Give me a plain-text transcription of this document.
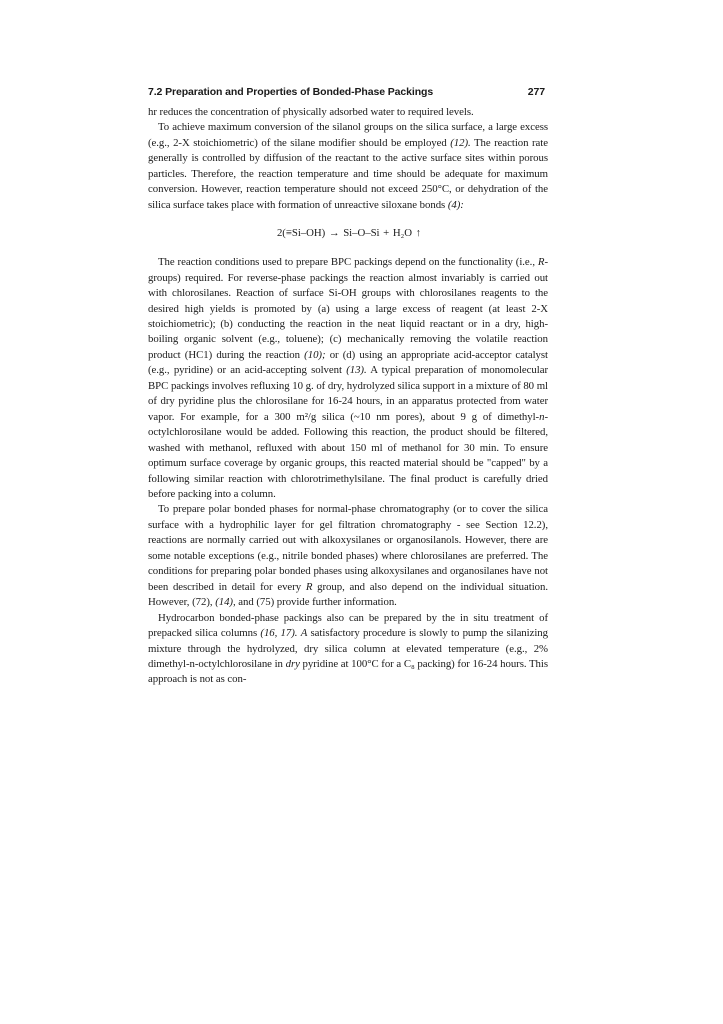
7.2 Preparation and Properties of Bonded-Phase Packings	277

hr reduces the concentration of physically adsorbed water to required levels.

To achieve maximum conversion of the silanol groups on the silica surface, a large excess (e.g., 2-X stoichiometric) of the silane modifier should be employed (12). The reaction rate generally is controlled by diffusion of the reactant to the active surface sites within porous particles. Therefore, the reaction temperature and time should be adequate for maximum conversion. However, reaction temperature should not exceed 250°C, or dehydration of the silica surface takes place with formation of unreactive siloxane bonds (4):

2(≡Si–OH) → Si–O–Si + H₂O ↑

The reaction conditions used to prepare BPC packings depend on the functionality (i.e., R-groups) required. For reverse-phase packings the reaction almost invariably is carried out with chlorosilanes. Reaction of surface Si-OH groups with chlorosilanes reagents to the desired high yields is promoted by (a) using a large excess of reagent (at least 2-X stoichiometric); (b) conducting the reaction in the neat liquid reactant or in a dry, high-boiling organic solvent (e.g., toluene); (c) mechanically removing the volatile reaction product (HC1) during the reaction (10); or (d) using an appropriate acid-acceptor catalyst (e.g., pyridine) or an acid-accepting solvent (13). A typical preparation of monomolecular BPC packings involves refluxing 10 g. of dry, hydrolyzed silica support in a mixture of 80 ml of dry pyridine plus the chlorosilane for 16-24 hours, in an apparatus protected from water vapor. For example, for a 300 m²/g silica (~10 nm pores), about 9 g of dimethyl-n-octylchlorosilane would be added. Following this reaction, the product should be filtered, washed with methanol, refluxed with about 150 ml of methanol for 30 min. To ensure optimum surface coverage by organic groups, this reacted material should be "capped" by a following similar reaction with chlorotrimethylsilane. The final product is carefully dried before packing into a column.

To prepare polar bonded phases for normal-phase chromatography (or to cover the silica surface with a hydrophilic layer for gel filtration chromatography - see Section 12.2), reactions are normally carried out with alkoxysilanes or organosilanols. However, there are some notable exceptions (e.g., nitrile bonded phases) where chlorosilanes are preferred. The conditions for preparing polar bonded phases using alkoxysilanes and organosilanes have not been described in detail for every R group, and also depend on the individual situation. However, (72), (14), and (75) provide further information.

Hydrocarbon bonded-phase packings also can be prepared by the in situ treatment of prepacked silica columns (16, 17). A satisfactory procedure is slowly to pump the silanizing mixture through the hydrolyzed, dry silica column at elevated temperature (e.g., 2% dimethyl-n-octylchlorosilane in dry pyridine at 100°C for a C₈ packing) for 16-24 hours. This approach is not as con-
